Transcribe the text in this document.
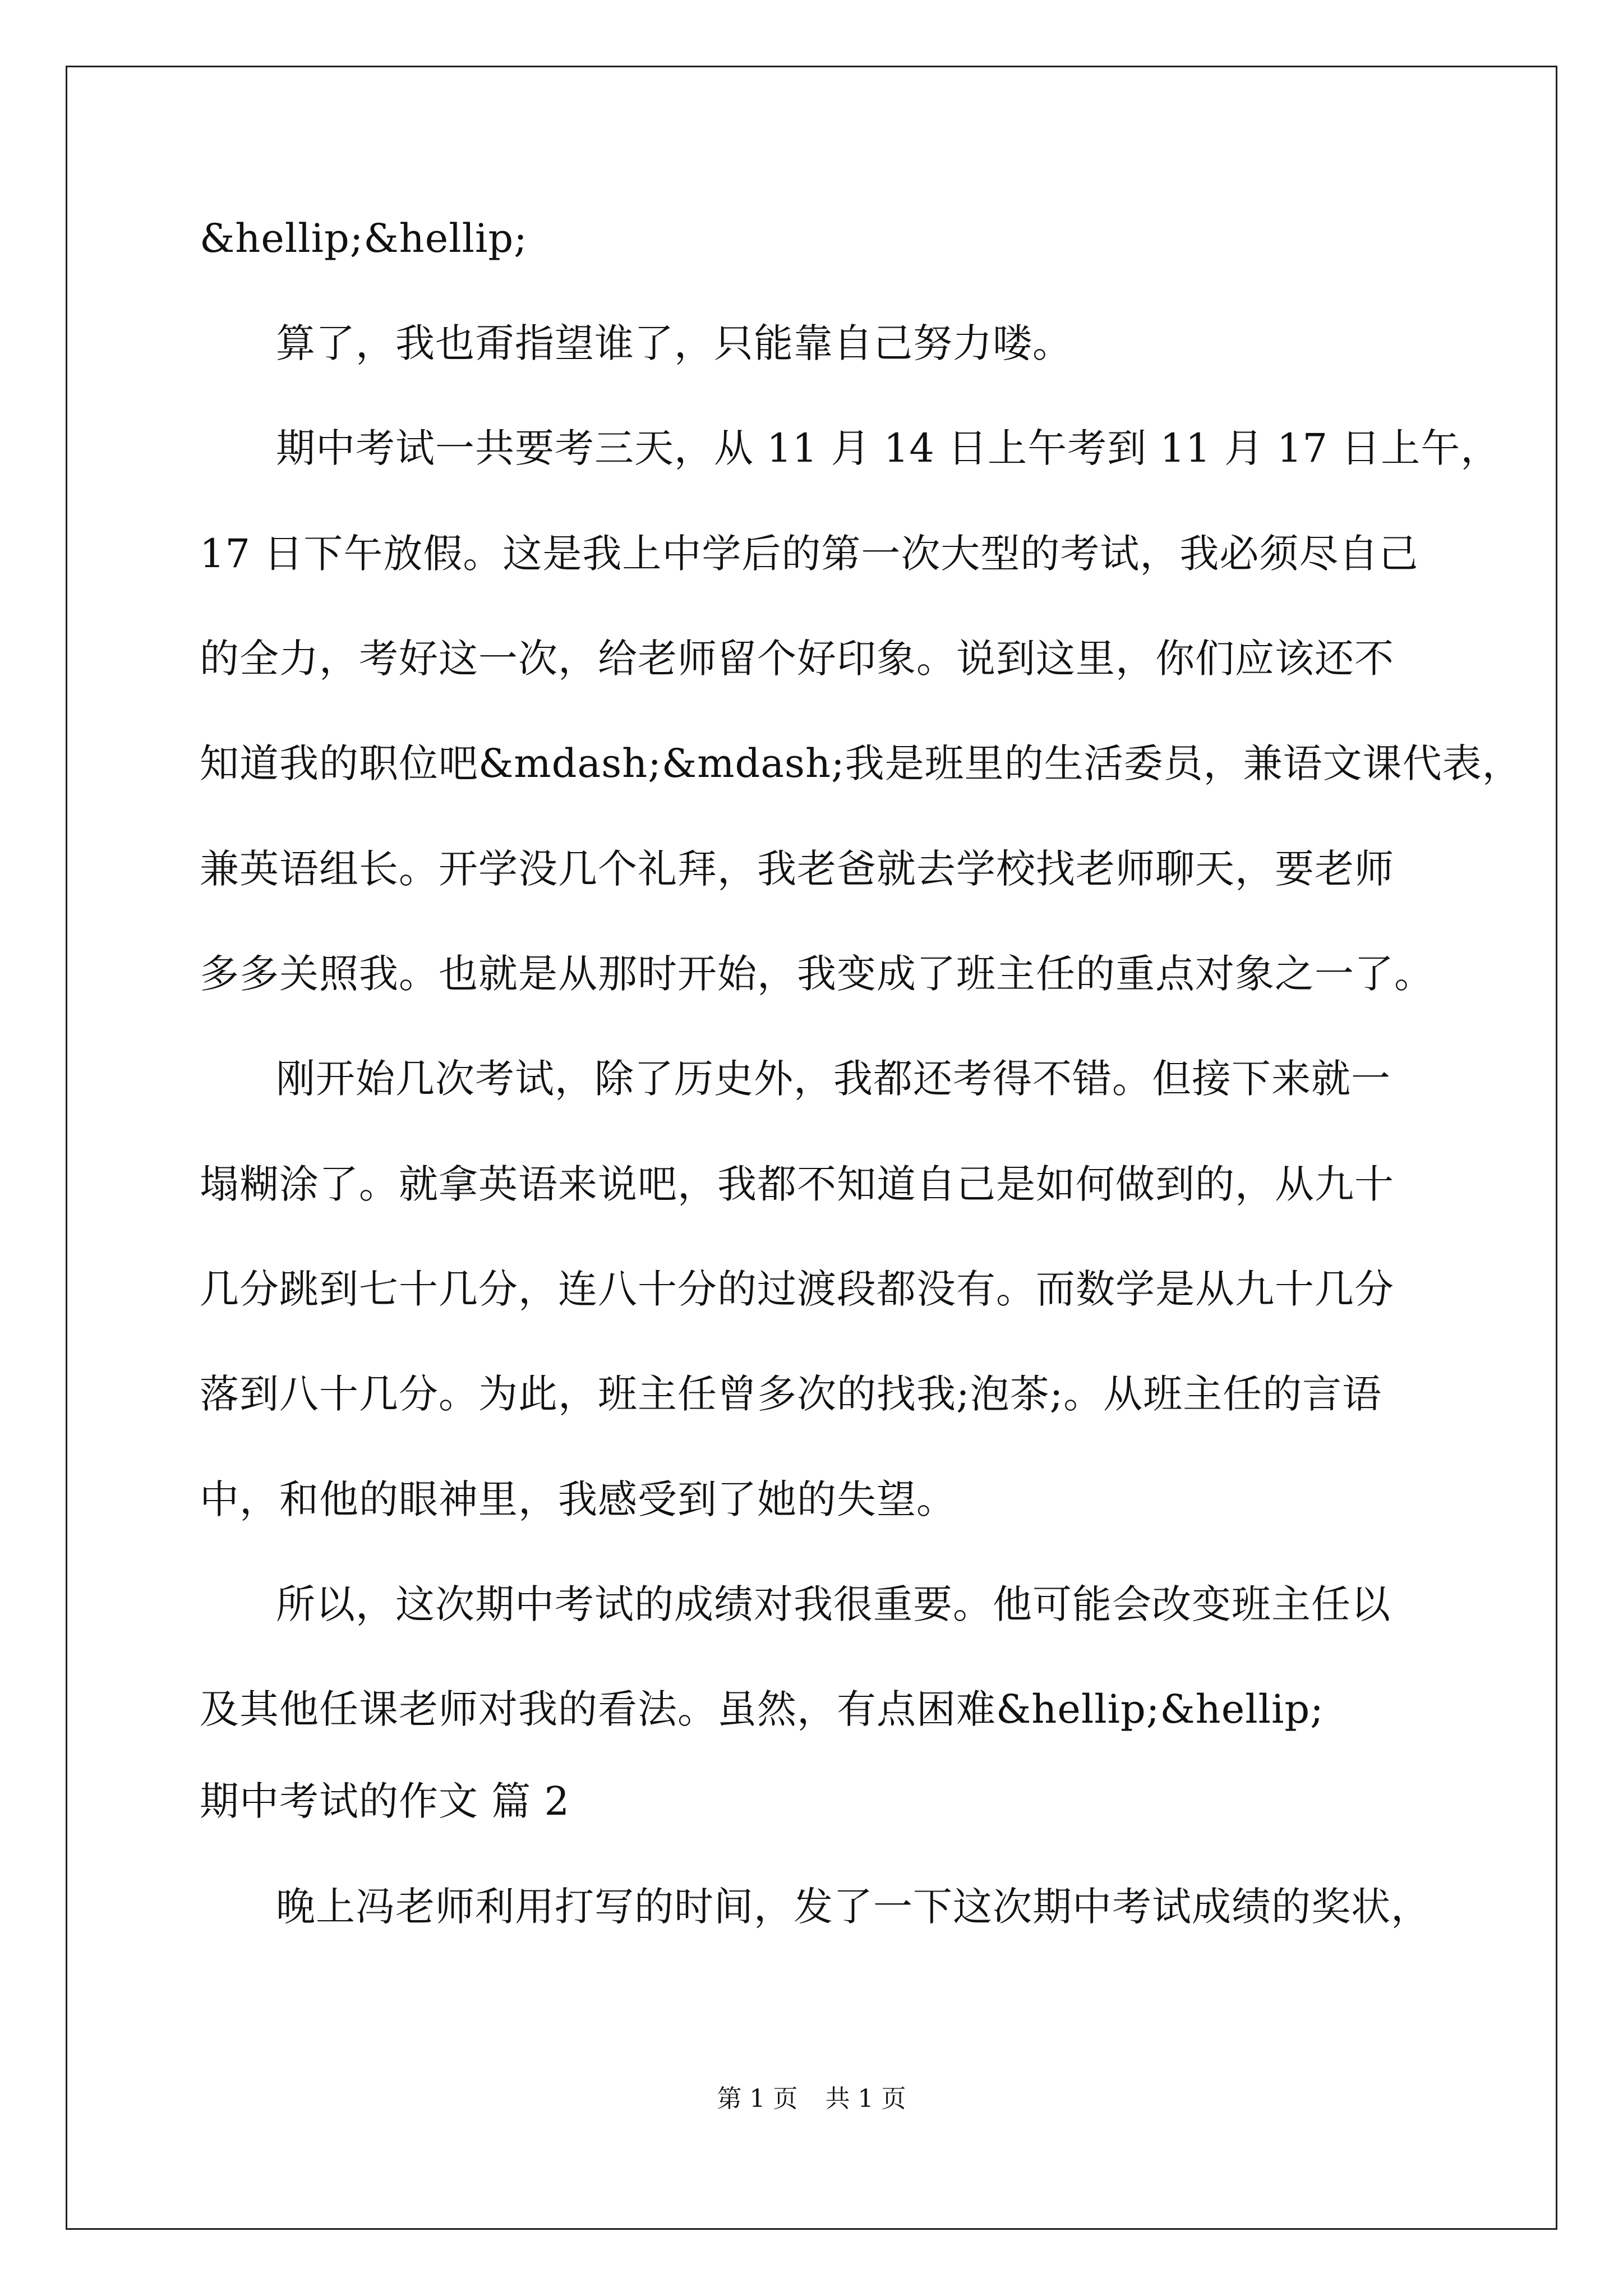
&hellip;&hellip;

　　算了，我也甭指望谁了，只能靠自己努力喽。

　　期中考试一共要考三天，从 11 月 14 日上午考到 11 月 17 日上午，

17 日下午放假。这是我上中学后的第一次大型的考试，我必须尽自己

的全力，考好这一次，给老师留个好印象。说到这里，你们应该还不

知道我的职位吧&mdash;&mdash;我是班里的生活委员，兼语文课代表，

兼英语组长。开学没几个礼拜，我老爸就去学校找老师聊天，要老师

多多关照我。也就是从那时开始，我变成了班主任的重点对象之一了。

　　刚开始几次考试，除了历史外，我都还考得不错。但接下来就一

塌糊涂了。就拿英语来说吧，我都不知道自己是如何做到的，从九十

几分跳到七十几分，连八十分的过渡段都没有。而数学是从九十几分

落到八十几分。为此，班主任曾多次的找我;泡茶;。从班主任的言语

中，和他的眼神里，我感受到了她的失望。

　　所以，这次期中考试的成绩对我很重要。他可能会改变班主任以

及其他任课老师对我的看法。虽然，有点困难&hellip;&hellip;

期中考试的作文 篇 2

　　晚上冯老师利用打写的时间，发了一下这次期中考试成绩的奖状，

第 1 页 共 1 页
